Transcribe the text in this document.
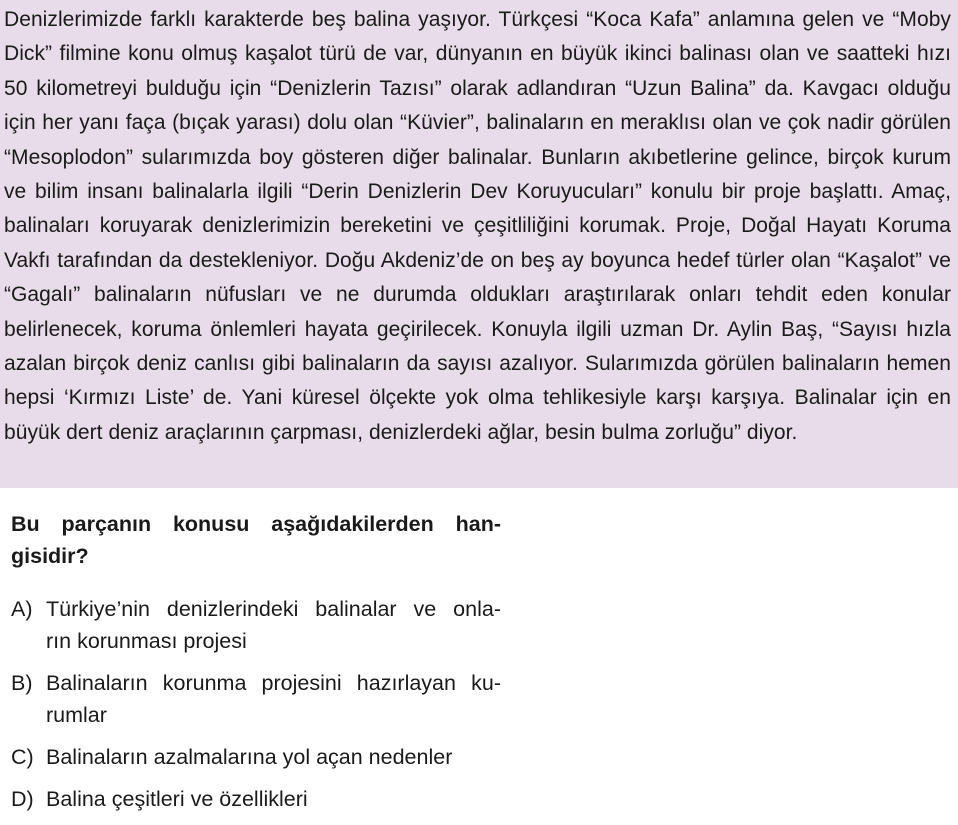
Denizlerimizde farklı karakterde beş balina yaşıyor. Türkçesi “Koca Kafa” anlamına gelen ve “Moby Dick” filmine konu olmuş kaşalot türü de var, dünyanın en büyük ikinci balinası olan ve saatteki hızı 50 kilometreyi bulduğu için “Denizlerin Tazısı” olarak adlandıran “Uzun Balina” da. Kavgacı olduğu için her yanı faça (bıçak yarası) dolu olan “Küvier”, balinaların en meraklısı olan ve çok nadir görülen “Mesoplodon” sularımızda boy gösteren diğer balinalar. Bunların akıbetlerine gelince, birçok kurum ve bilim insanı balinalarla ilgili “Derin Denizlerin Dev Koruyucuları” konulu bir proje başlattı. Amaç, balinaları koruyarak denizlerimizin bereketini ve çeşitliliğini korumak. Proje, Doğal Hayatı Koruma Vakfı tarafından da destekleniyor. Doğu Akdeniz’de on beş ay boyunca hedef türler olan “Kaşalot” ve “Gagalı” balinaların nüfusları ve ne durumda oldukları araştırılarak onları tehdit eden konular belirlenecek, koruma önlemleri hayata geçirilecek. Konuyla ilgili uzman Dr. Aylin Baş, “Sayısı hızla azalan birçok deniz canlısı gibi balinaların da sayısı azalıyor. Sularımızda görülen balinaların hemen hepsi ‘Kırmızı Liste’ de. Yani küresel ölçekte yok olma tehlikesiyle karşı karşıya. Balinalar için en büyük dert deniz araçlarının çarpması, denizlerdeki ağlar, besin bulma zorluğu” diyor.

Bu parçanın konusu aşağıdakilerden han-
gisidir?
A) Türkiye’nin denizlerindeki balinalar ve onla-
rın korunması projesi
B) Balinaların korunma projesini hazırlayan ku-
rumlar
C) Balinaların azalmalarına yol açan nedenler
D) Balina çeşitleri ve özellikleri
